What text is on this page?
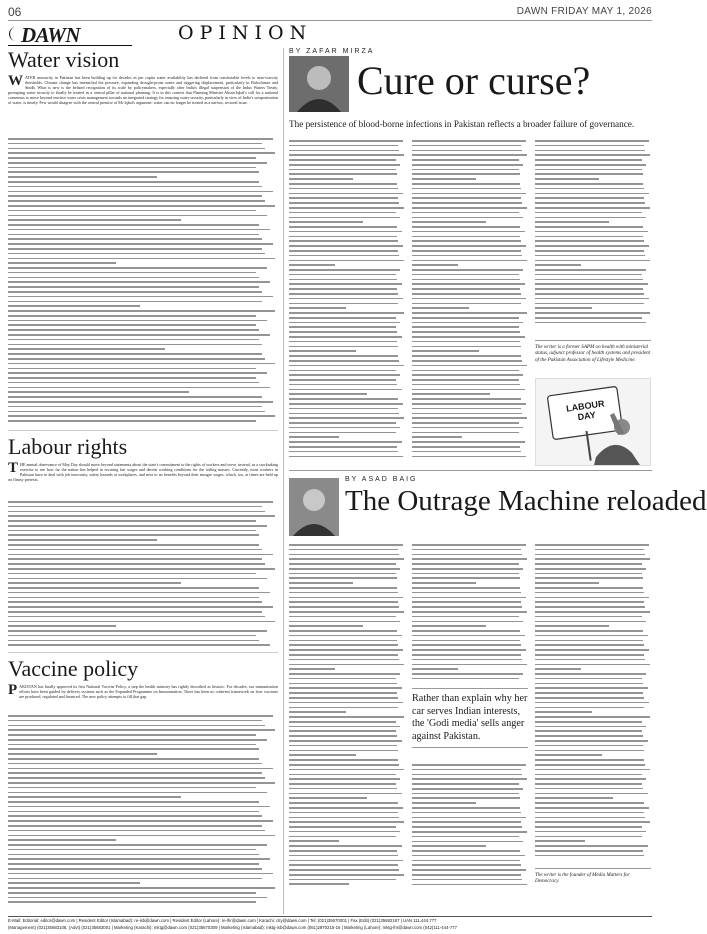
06	DAWN FRIDAY MAY 1, 2026
DAWN	OPINION
Water vision
WATER insecurity in Pakistan has been building up for decades as per capita water availability has declined from comfortable levels to near-scarcity thresholds. Climate change has intensified the pressure, expanding drought-prone zones and triggering displacement, particularly in Balochistan and Sindh. What is new is the belated recognition of its scale by policymakers, especially after India's illegal suspension of the Indus Waters Treaty, prompting water security to finally be treated as a central pillar of national planning. It is in this context that Planning Minister Ahsan Iqbal's call for a national consensus to move beyond reactive water crisis management towards an integrated strategy for ensuring water security, particularly in view of India's weaponisation of water, is timely. Few would disagree with the central premise of Mr Iqbal's argument: water can no longer be treated as a narrow, sectoral issue.
Labour rights
THE annual observance of May Day should move beyond statements about the state's commitment to the rights of workers and serve, instead, as a stocktaking exercise to see how far the nation has helped in securing fair wages and decent working conditions for the toiling masses. Currently, most workers in Pakistan have to deal with job insecurity, safety hazards at workplaces, and next to no benefits beyond their meagre wages, which, too, at times are held up on flimsy pretexts.
Vaccine policy
PAKISTAN has finally approved its first National Vaccine Policy, a step the health ministry has rightly described as historic. For decades, our immunisation efforts have been guided by delivery systems such as the Expanded Programme on Immunisation. There has been no coherent framework on how vaccines are produced, regulated and financed. The new policy attempts to fill that gap.
BY ZAFAR MIRZA
Cure or curse?
The persistence of blood-borne infections in Pakistan reflects a broader failure of governance.
The writer is a former SAPM on health with ministerial status, adjunct professor of health systems and president of the Pakistan Association of Lifestyle Medicine.
LABOUR DAY
BY ASAD BAIG
The Outrage Machine reloaded
Rather than explain why her car serves Indian interests, the 'Godi media' sells anger against Pakistan.
The writer is the founder of Media Matters for Democracy.
E-Mail: Editorial: editor@dawn.com | Resident Editor (Islamabad): re-isb@dawn.com | Resident Editor (Lahore): re-lhr@dawn.com | Karachi: city@dawn.com | Tel: (021)35670001 | Fax (Edit) (021)35682187 | UAN 111.444.777
(Management) (021)35683108, (Advt) (021)35683001 | Marketing (Karachi): mktg@dawn.com (021)35670309 | Marketing (Islamabad): mktg-isb@dawn.com (051)2870215-16 | Marketing (Lahore): mktg-lhr@dawn.com (042)111-444-777
